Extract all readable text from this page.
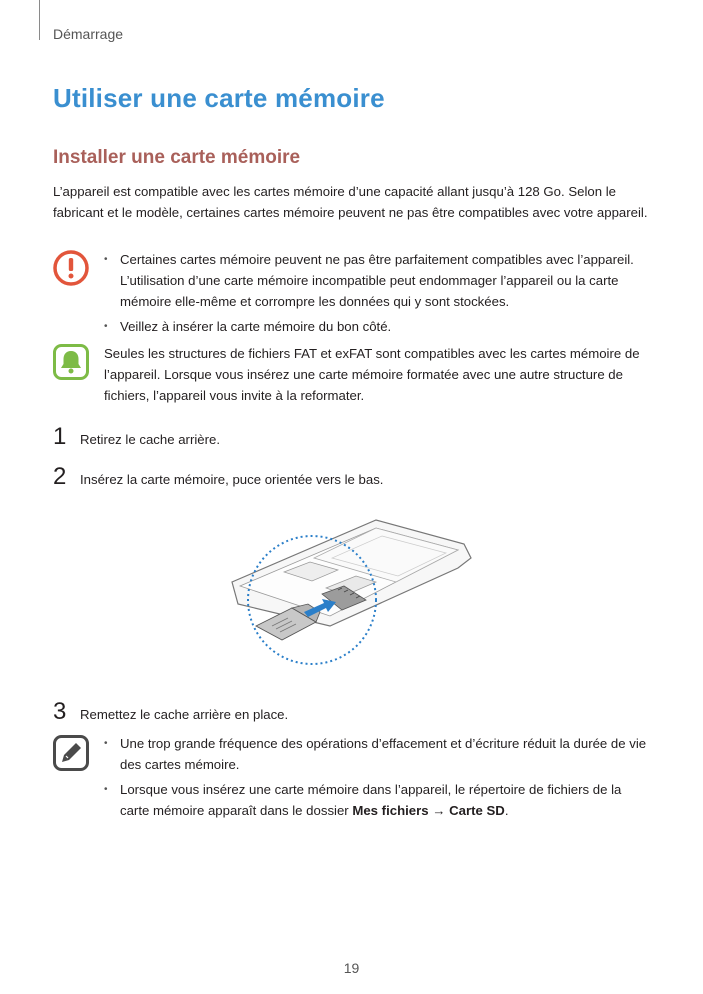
Démarrage
Utiliser une carte mémoire
Installer une carte mémoire
L’appareil est compatible avec les cartes mémoire d’une capacité allant jusqu’à 128 Go. Selon le fabricant et le modèle, certaines cartes mémoire peuvent ne pas être compatibles avec votre appareil.
• Certaines cartes mémoire peuvent ne pas être parfaitement compatibles avec l’appareil. L’utilisation d’une carte mémoire incompatible peut endommager l’appareil ou la carte mémoire elle-même et corrompre les données qui y sont stockées.
• Veillez à insérer la carte mémoire du bon côté.

Seules les structures de fichiers FAT et exFAT sont compatibles avec les cartes mémoire de l’appareil. Lorsque vous insérez une carte mémoire formatée avec une autre structure de fichiers, l’appareil vous invite à la reformater.

1	Retirez le cache arrière.
2	Insérez la carte mémoire, puce orientée vers le bas.
3	Remettez le cache arrière en place.
• Une trop grande fréquence des opérations d’effacement et d’écriture réduit la durée de vie des cartes mémoire.
• Lorsque vous insérez une carte mémoire dans l’appareil, le répertoire de fichiers de la carte mémoire apparaît dans le dossier Mes fichiers → Carte SD.
19
